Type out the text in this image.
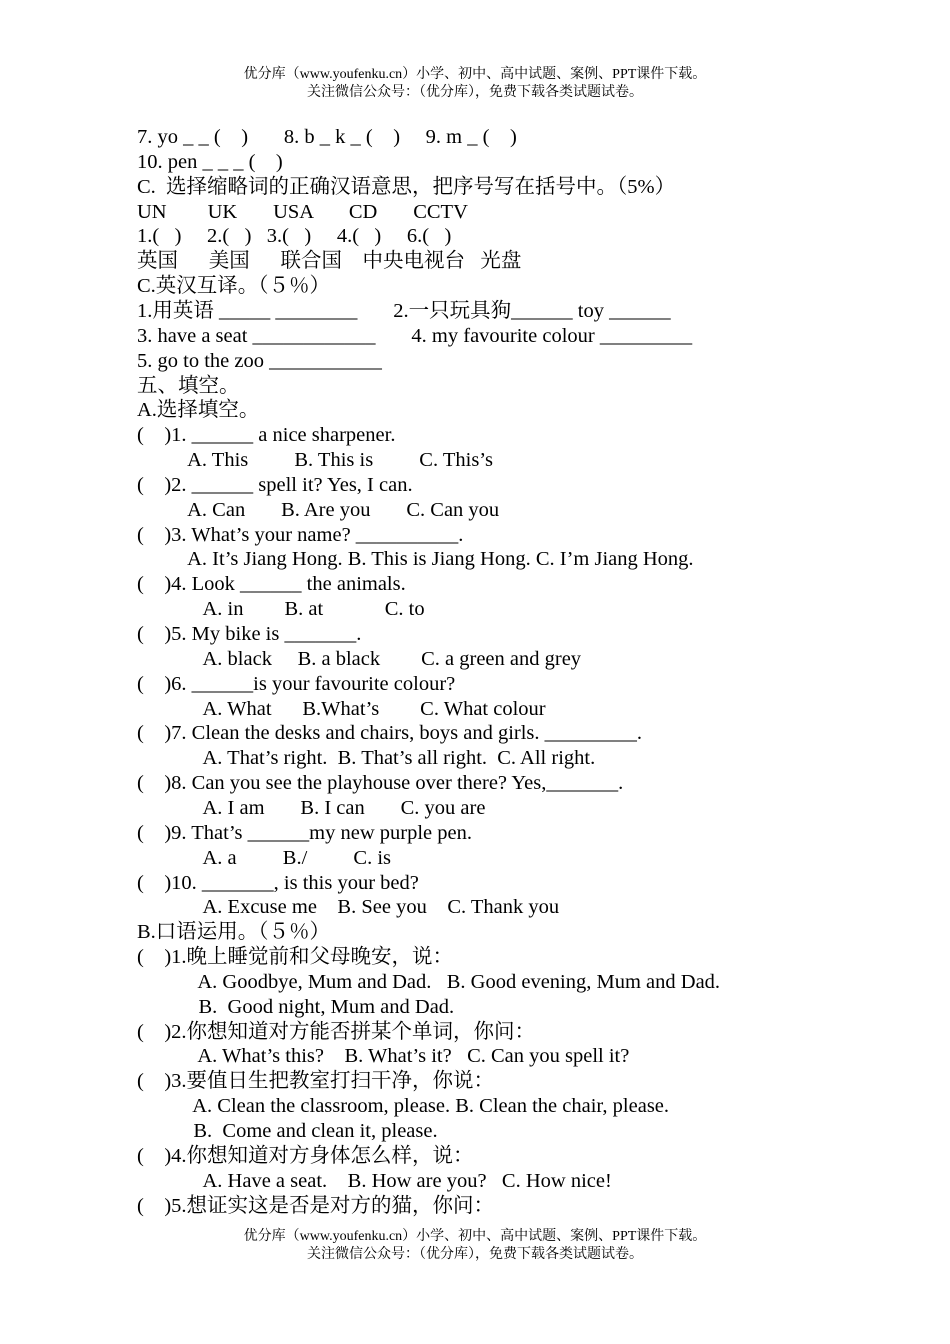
优分库（www.youfenku.cn）小学、初中、高中试题、案例、PPT课件下载。
关注微信公众号：（优分库），免费下载各类试题试卷。
7. yo _ _ (    )       8. b _ k _ (    )     9. m _ (    )
10. pen _ _ _ (    )
C.  选择缩略词的正确汉语意思，把序号写在括号中。（5%）
UN        UK       USA       CD       CCTV
1.(   )     2.(   )   3.(   )     4.(   )     6.(   )
英国      美国      联合国    中央电视台   光盘
C.英汉互译。（５％）
1.用英语 _____ ________       2.一只玩具狗______ toy ______
3. have a seat ____________       4. my favourite colour _________
5. go to the zoo ___________
五、填空。
A.选择填空。
(    )1. ______ a nice sharpener.
A. This         B. This is         C. This’s
(    )2. ______ spell it? Yes, I can.
A. Can       B. Are you       C. Can you
(    )3. What’s your name? __________.
A. It’s Jiang Hong. B. This is Jiang Hong. C. I’m Jiang Hong.
(    )4. Look ______ the animals.
A. in        B. at            C. to
(    )5. My bike is _______.
A. black     B. a black        C. a green and grey
(    )6. ______is your favourite colour?
A. What      B.What’s        C. What colour
(    )7. Clean the desks and chairs, boys and girls. _________.
A. That’s right.  B. That’s all right.  C. All right.
(    )8. Can you see the playhouse over there? Yes,_______.
A. I am       B. I can       C. you are
(    )9. That’s ______my new purple pen.
A. a         B./         C. is
(    )10. _______, is this your bed?
A. Excuse me    B. See you    C. Thank you
B.口语运用。（５％）
(    )1.晚上睡觉前和父母晚安，说：
A. Goodbye, Mum and Dad.   B. Good evening, Mum and Dad.
B.  Good night, Mum and Dad.
(    )2.你想知道对方能否拼某个单词，你问：
A. What’s this?    B. What’s it?   C. Can you spell it?
(    )3.要值日生把教室打扫干净，你说：
A. Clean the classroom, please. B. Clean the chair, please.
B.  Come and clean it, please.
(    )4.你想知道对方身体怎么样，说：
A. Have a seat.    B. How are you?   C. How nice!
(    )5.想证实这是否是对方的猫，你问：
优分库（www.youfenku.cn）小学、初中、高中试题、案例、PPT课件下载。
关注微信公众号：（优分库），免费下载各类试题试卷。
